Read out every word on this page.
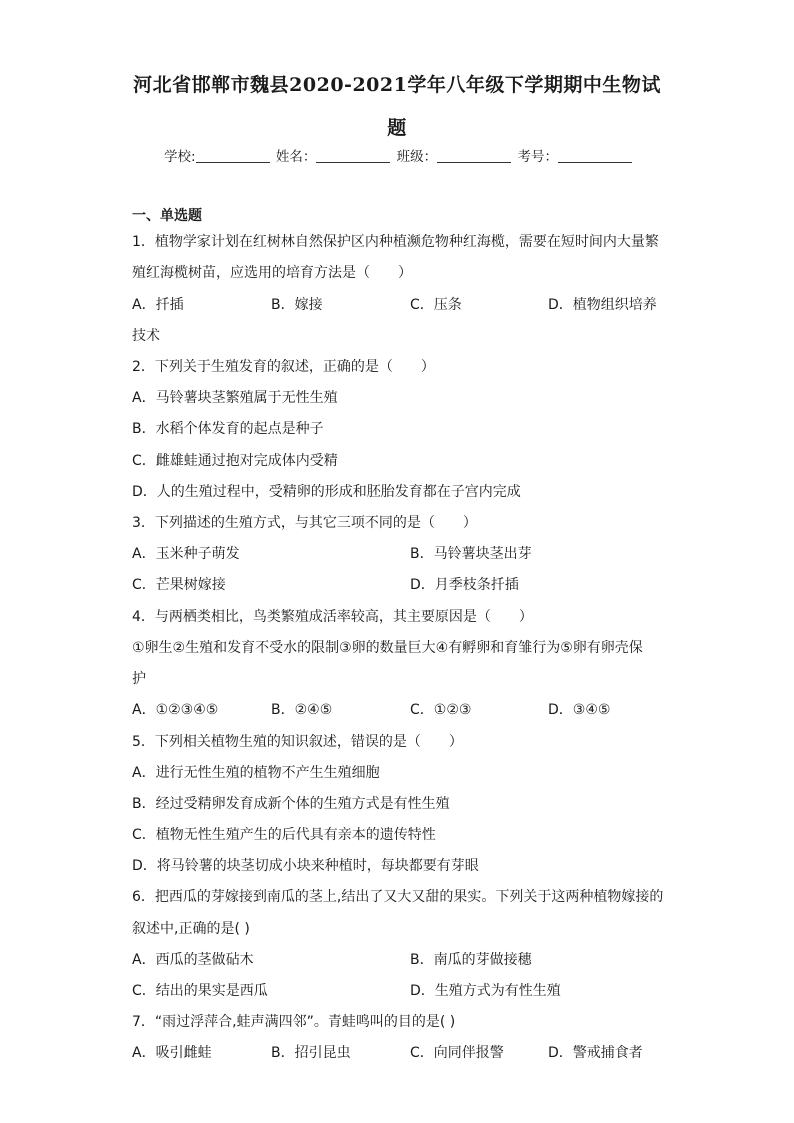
河北省邯郸市魏县2020-2021学年八年级下学期期中生物试
题
学校:	姓名：	班级：	考号：
一、单选题
1．植物学家计划在红树林自然保护区内种植濒危物种红海榄，需要在短时间内大量繁
殖红海榄树苗，应选用的培育方法是（　　）
A．扦插	B．嫁接	C．压条	D．植物组织培养
技术
2．下列关于生殖发育的叙述，正确的是（　　）
A．马铃薯块茎繁殖属于无性生殖
B．水稻个体发育的起点是种子
C．雌雄蛙通过抱对完成体内受精
D．人的生殖过程中，受精卵的形成和胚胎发育都在子宫内完成
3．下列描述的生殖方式，与其它三项不同的是（　　）
A．玉米种子萌发	B．马铃薯块茎出芽
C．芒果树嫁接	D．月季枝条扦插
4．与两栖类相比，鸟类繁殖成活率较高，其主要原因是（　　）
①卵生②生殖和发育不受水的限制③卵的数量巨大④有孵卵和育雏行为⑤卵有卵壳保
护
A．①②③④⑤	B．②④⑤	C．①②③	D．③④⑤
5．下列相关植物生殖的知识叙述，错误的是（　　）
A．进行无性生殖的植物不产生生殖细胞
B．经过受精卵发育成新个体的生殖方式是有性生殖
C．植物无性生殖产生的后代具有亲本的遗传特性
D．将马铃薯的块茎切成小块来种植时，每块都要有芽眼
6．把西瓜的芽嫁接到南瓜的茎上,结出了又大又甜的果实。下列关于这两种植物嫁接的
叙述中,正确的是( )
A．西瓜的茎做砧木	B．南瓜的芽做接穗
C．结出的果实是西瓜	D．生殖方式为有性生殖
7．“雨过浮萍合,蛙声满四邻”。青蛙鸣叫的目的是( )
A．吸引雌蛙	B．招引昆虫	C．向同伴报警	D．警戒捕食者
